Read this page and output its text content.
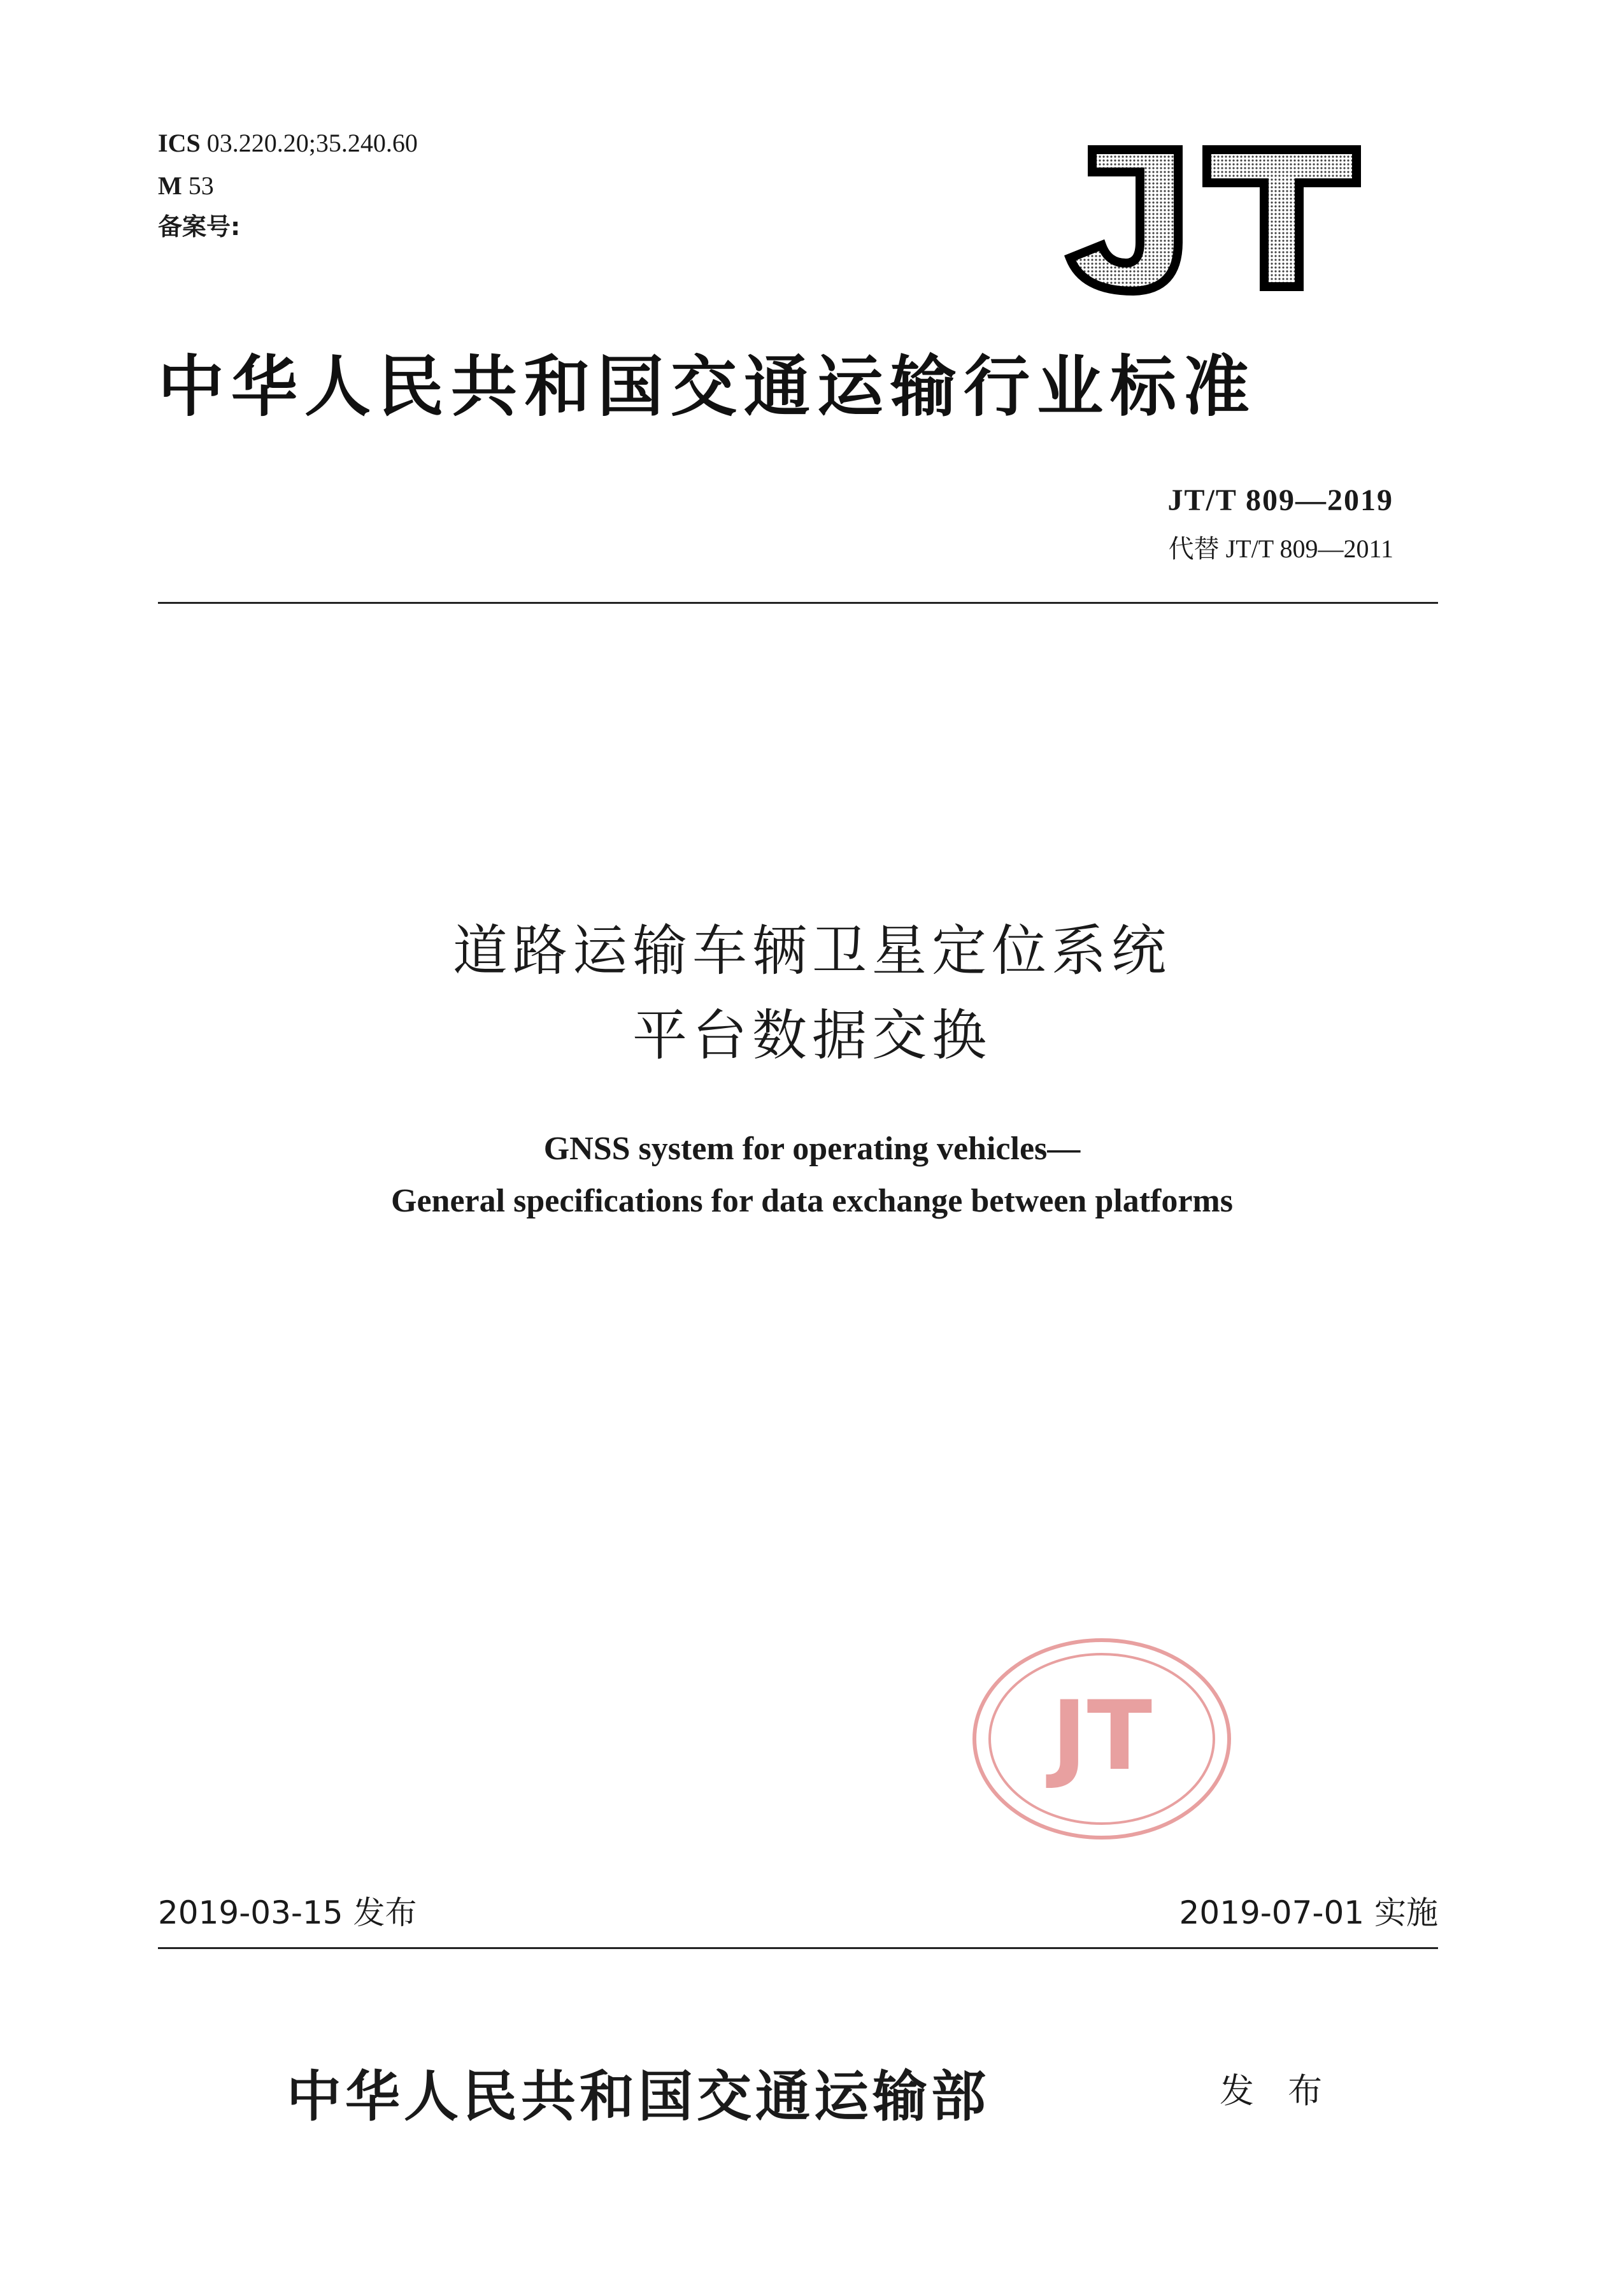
ICS 03.220.20;35.240.60
M 53
备案号:
中华人民共和国交通运输行业标准
JT/T 809—2019
代替 JT/T 809—2011
道路运输车辆卫星定位系统
平台数据交换
GNSS system for operating vehicles—
General specifications for data exchange between platforms
JT
2019-03-15 发布	2019-07-01 实施
中华人民共和国交通运输部	发 布
